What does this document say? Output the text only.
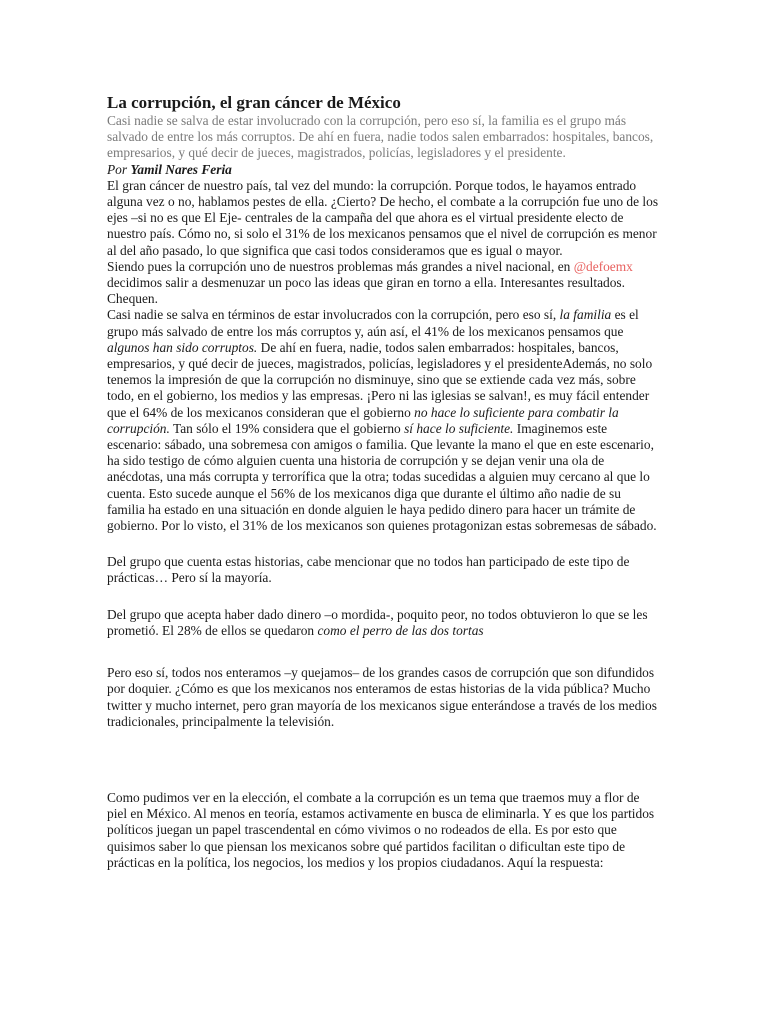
La corrupción, el gran cáncer de México

Casi nadie se salva de estar involucrado con la corrupción, pero eso sí, la familia es el grupo más salvado de entre los más corruptos. De ahí en fuera, nadie todos salen embarrados: hospitales, bancos, empresarios, y qué decir de jueces, magistrados, policías, legisladores y el presidente.

Por Yamil Nares Feria

El gran cáncer de nuestro país, tal vez del mundo: la corrupción. Porque todos, le hayamos entrado alguna vez o no, hablamos pestes de ella. ¿Cierto? De hecho, el combate a la corrupción fue uno de los ejes –si no es que El Eje- centrales de la campaña del que ahora es el virtual presidente electo de nuestro país. Cómo no, si solo el 31% de los mexicanos pensamos que el nivel de corrupción es menor al del año pasado, lo que significa que casi todos consideramos que es igual o mayor.

Siendo pues la corrupción uno de nuestros problemas más grandes a nivel nacional, en @defoemx decidimos salir a desmenuzar un poco las ideas que giran en torno a ella. Interesantes resultados. Chequen.

Casi nadie se salva en términos de estar involucrados con la corrupción, pero eso sí, la familia es el grupo más salvado de entre los más corruptos y, aún así, el 41% de los mexicanos pensamos que algunos han sido corruptos. De ahí en fuera, nadie, todos salen embarrados: hospitales, bancos, empresarios, y qué decir de jueces, magistrados, policías, legisladores y el presidenteAdemás, no solo tenemos la impresión de que la corrupción no disminuye, sino que se extiende cada vez más, sobre todo, en el gobierno, los medios y las empresas. ¡Pero ni las iglesias se salvan!, es muy fácil entender que el 64% de los mexicanos consideran que el gobierno no hace lo suficiente para combatir la corrupción. Tan sólo el 19% considera que el gobierno sí hace lo suficiente. Imaginemos este escenario: sábado, una sobremesa con amigos o familia. Que levante la mano el que en este escenario, ha sido testigo de cómo alguien cuenta una historia de corrupción y se dejan venir una ola de anécdotas, una más corrupta y terrorífica que la otra; todas sucedidas a alguien muy cercano al que lo cuenta. Esto sucede aunque el 56% de los mexicanos diga que durante el último año nadie de su familia ha estado en una situación en donde alguien le haya pedido dinero para hacer un trámite de gobierno. Por lo visto, el 31% de los mexicanos son quienes protagonizan estas sobremesas de sábado.

Del grupo que cuenta estas historias, cabe mencionar que no todos han participado de este tipo de prácticas… Pero sí la mayoría.

Del grupo que acepta haber dado dinero –o mordida-, poquito peor, no todos obtuvieron lo que se les prometió. El 28% de ellos se quedaron como el perro de las dos tortas

Pero eso sí, todos nos enteramos –y quejamos– de los grandes casos de corrupción que son difundidos por doquier. ¿Cómo es que los mexicanos nos enteramos de estas historias de la vida pública? Mucho twitter y mucho internet, pero gran mayoría de los mexicanos sigue enterándose a través de los medios tradicionales, principalmente la televisión.

Como pudimos ver en la elección, el combate a la corrupción es un tema que traemos muy a flor de piel en México. Al menos en teoría, estamos activamente en busca de eliminarla. Y es que los partidos políticos juegan un papel trascendental en cómo vivimos o no rodeados de ella. Es por esto que quisimos saber lo que piensan los mexicanos sobre qué partidos facilitan o dificultan este tipo de prácticas en la política, los negocios, los medios y los propios ciudadanos. Aquí la respuesta:
